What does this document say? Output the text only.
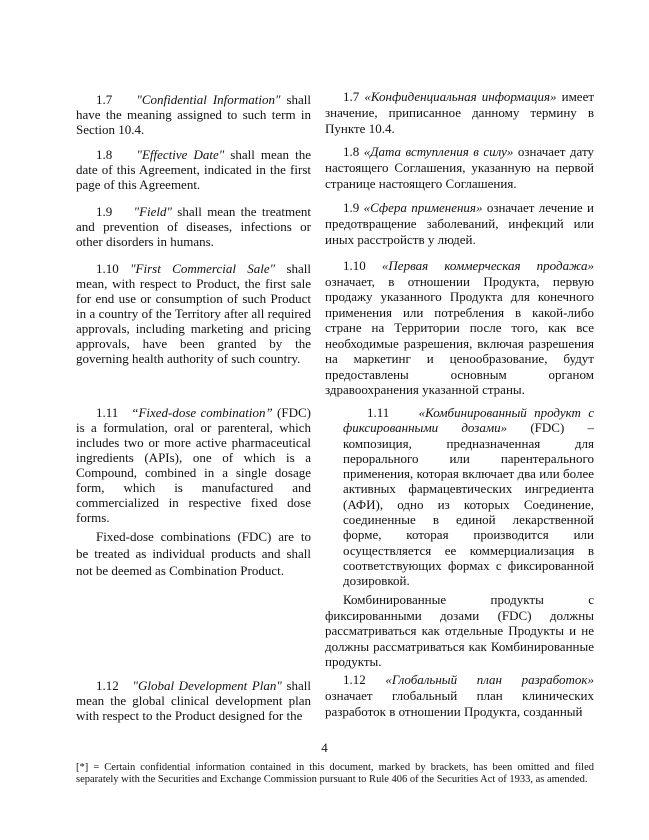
1.7 "Confidential Information" shall have the meaning assigned to such term in Section 10.4.

1.8 "Effective Date" shall mean the date of this Agreement, indicated in the first page of this Agreement.

1.9 "Field" shall mean the treatment and prevention of diseases, infections or other disorders in humans.

1.10 "First Commercial Sale" shall mean, with respect to Product, the first sale for end use or consumption of such Product in a country of the Territory after all required approvals, including marketing and pricing approvals, have been granted by the governing health authority of such country.

1.11 “Fixed-dose combination” (FDC) is a formulation, oral or parenteral, which includes two or more active pharmaceutical ingredients (APIs), one of which is a Compound, combined in a single dosage form, which is manufactured and commercialized in respective fixed dose forms.

Fixed-dose combinations (FDC) are to be treated as individual products and shall not be deemed as Combination Product.

1.12 "Global Development Plan" shall mean the global clinical development plan with respect to the Product designed for the

1.7 «Конфиденциальная информация» имеет значение, приписанное данному термину в Пункте 10.4.

1.8 «Дата вступления в силу» означает дату настоящего Соглашения, указанную на первой странице настоящего Соглашения.

1.9 «Сфера применения» означает лечение и предотвращение заболеваний, инфекций или иных расстройств у людей.

1.10 «Первая коммерческая продажа» означает, в отношении Продукта, первую продажу указанного Продукта для конечного применения или потребления в какой-либо стране на Территории после того, как все необходимые разрешения, включая разрешения на маркетинг и ценообразование, будут предоставлены основным органом здравоохранения указанной страны.

1.11 «Комбинированный продукт с фиксированными дозами» (FDC) – композиция, предназначенная для перорального или парентерального применения, которая включает два или более активных фармацевтических ингредиента (АФИ), одно из которых Соединение, соединенные в единой лекарственной форме, которая производится или осуществляется ее коммерциализация в соответствующих формах с фиксированной дозировкой.

Комбинированные продукты с фиксированными дозами (FDC) должны рассматриваться как отдельные Продукты и не должны рассматриваться как Комбинированные продукты.

1.12 «Глобальный план разработок» означает глобальный план клинических разработок в отношении Продукта, созданный

4
[*] = Certain confidential information contained in this document, marked by brackets, has been omitted and filed separately with the Securities and Exchange Commission pursuant to Rule 406 of the Securities Act of 1933, as amended.
